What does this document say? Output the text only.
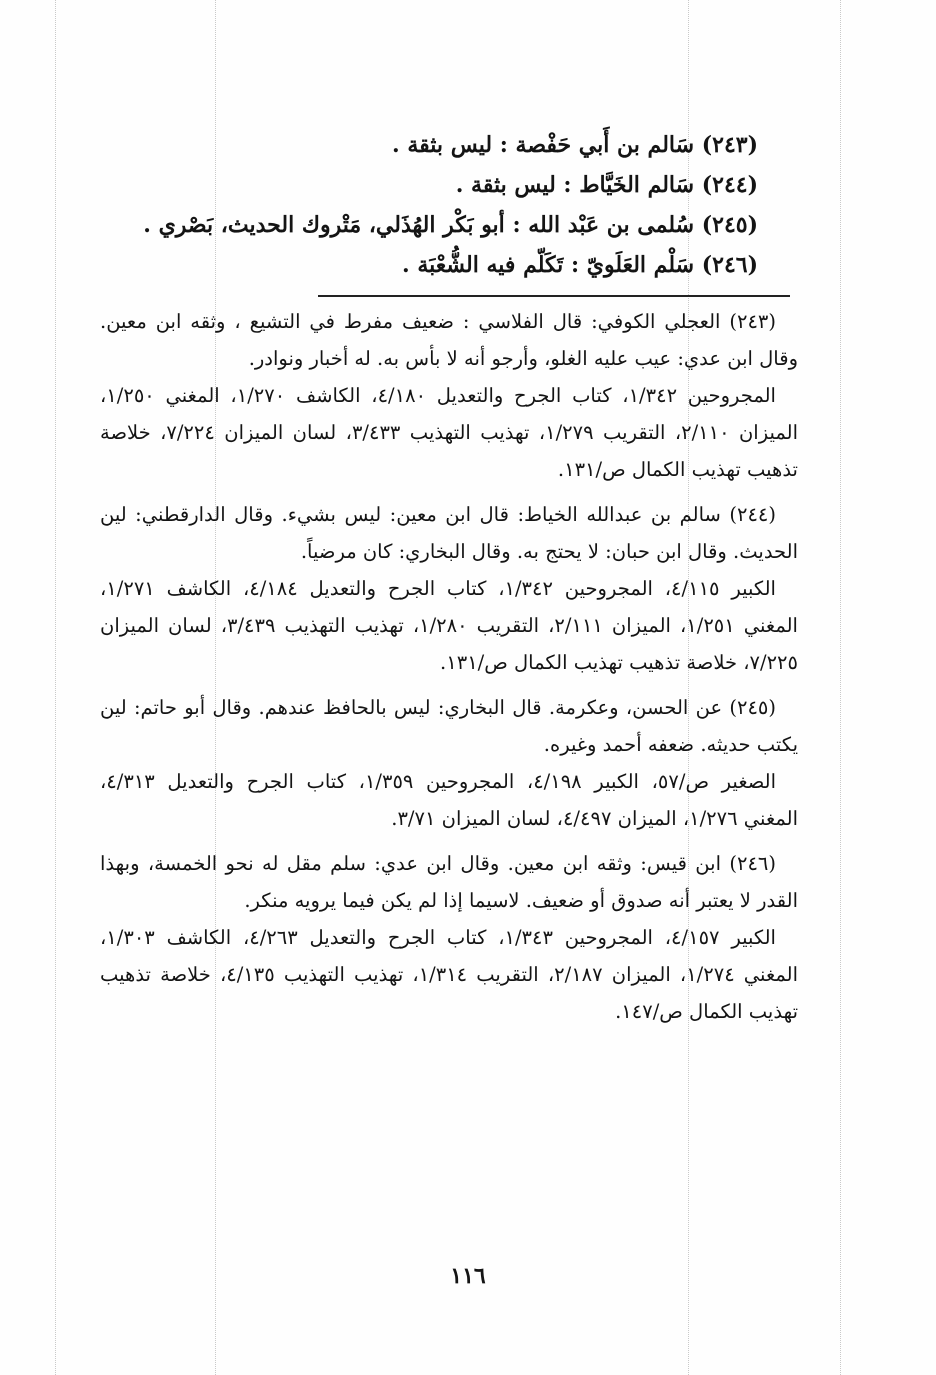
(٢٤٣) سَالم بن أَبي حَفْصة : ليس بثقة .

(٢٤٤) سَالم الخَيَّاط : ليس بثقة .

(٢٤٥) سُلمى بن عَبْد الله : أبو بَكْر الهُذَلي، مَتْروك الحديث، بَصْري .

(٢٤٦) سَلْم العَلَويّ : تَكَلّم فيه الشُّعْبَة .

(٢٤٣) العجلي الكوفي: قال الفلاسي : ضعيف مفرط في التشيع ، وثقه ابن معين. وقال ابن عدي: عيب عليه الغلو، وأرجو أنه لا بأس به. له أخبار ونوادر.

المجروحين ١/٣٤٢، كتاب الجرح والتعديل ٤/١٨٠، الكاشف ١/٢٧٠، المغني ١/٢٥٠، الميزان ٢/١١٠، التقريب ١/٢٧٩، تهذيب التهذيب ٣/٤٣٣، لسان الميزان ٧/٢٢٤، خلاصة تذهيب تهذيب الكمال ص/١٣١.

(٢٤٤) سالم بن عبدالله الخياط: قال ابن معين: ليس بشيء. وقال الدارقطني: لين الحديث. وقال ابن حبان: لا يحتج به. وقال البخاري: كان مرضياً.

الكبير ٤/١١٥، المجروحين ١/٣٤٢، كتاب الجرح والتعديل ٤/١٨٤، الكاشف ١/٢٧١، المغني ١/٢٥١، الميزان ٢/١١١، التقريب ١/٢٨٠، تهذيب التهذيب ٣/٤٣٩، لسان الميزان ٧/٢٢٥، خلاصة تذهيب تهذيب الكمال ص/١٣١.

(٢٤٥) عن الحسن، وعكرمة. قال البخاري: ليس بالحافظ عندهم. وقال أبو حاتم: لين يكتب حديثه. ضعفه أحمد وغيره.

الصغير ص/٥٧، الكبير ٤/١٩٨، المجروحين ١/٣٥٩، كتاب الجرح والتعديل ٤/٣١٣، المغني ١/٢٧٦، الميزان ٤/٤٩٧، لسان الميزان ٣/٧١.

(٢٤٦) ابن قيس: وثقه ابن معين. وقال ابن عدي: سلم مقل له نحو الخمسة، وبهذا القدر لا يعتبر أنه صدوق أو ضعيف. لاسيما إذا لم يكن فيما يرويه منكر.

الكبير ٤/١٥٧، المجروحين ١/٣٤٣، كتاب الجرح والتعديل ٤/٢٦٣، الكاشف ١/٣٠٣، المغني ١/٢٧٤، الميزان ٢/١٨٧، التقريب ١/٣١٤، تهذيب التهذيب ٤/١٣٥، خلاصة تذهيب تهذيب الكمال ص/١٤٧.

١١٦
